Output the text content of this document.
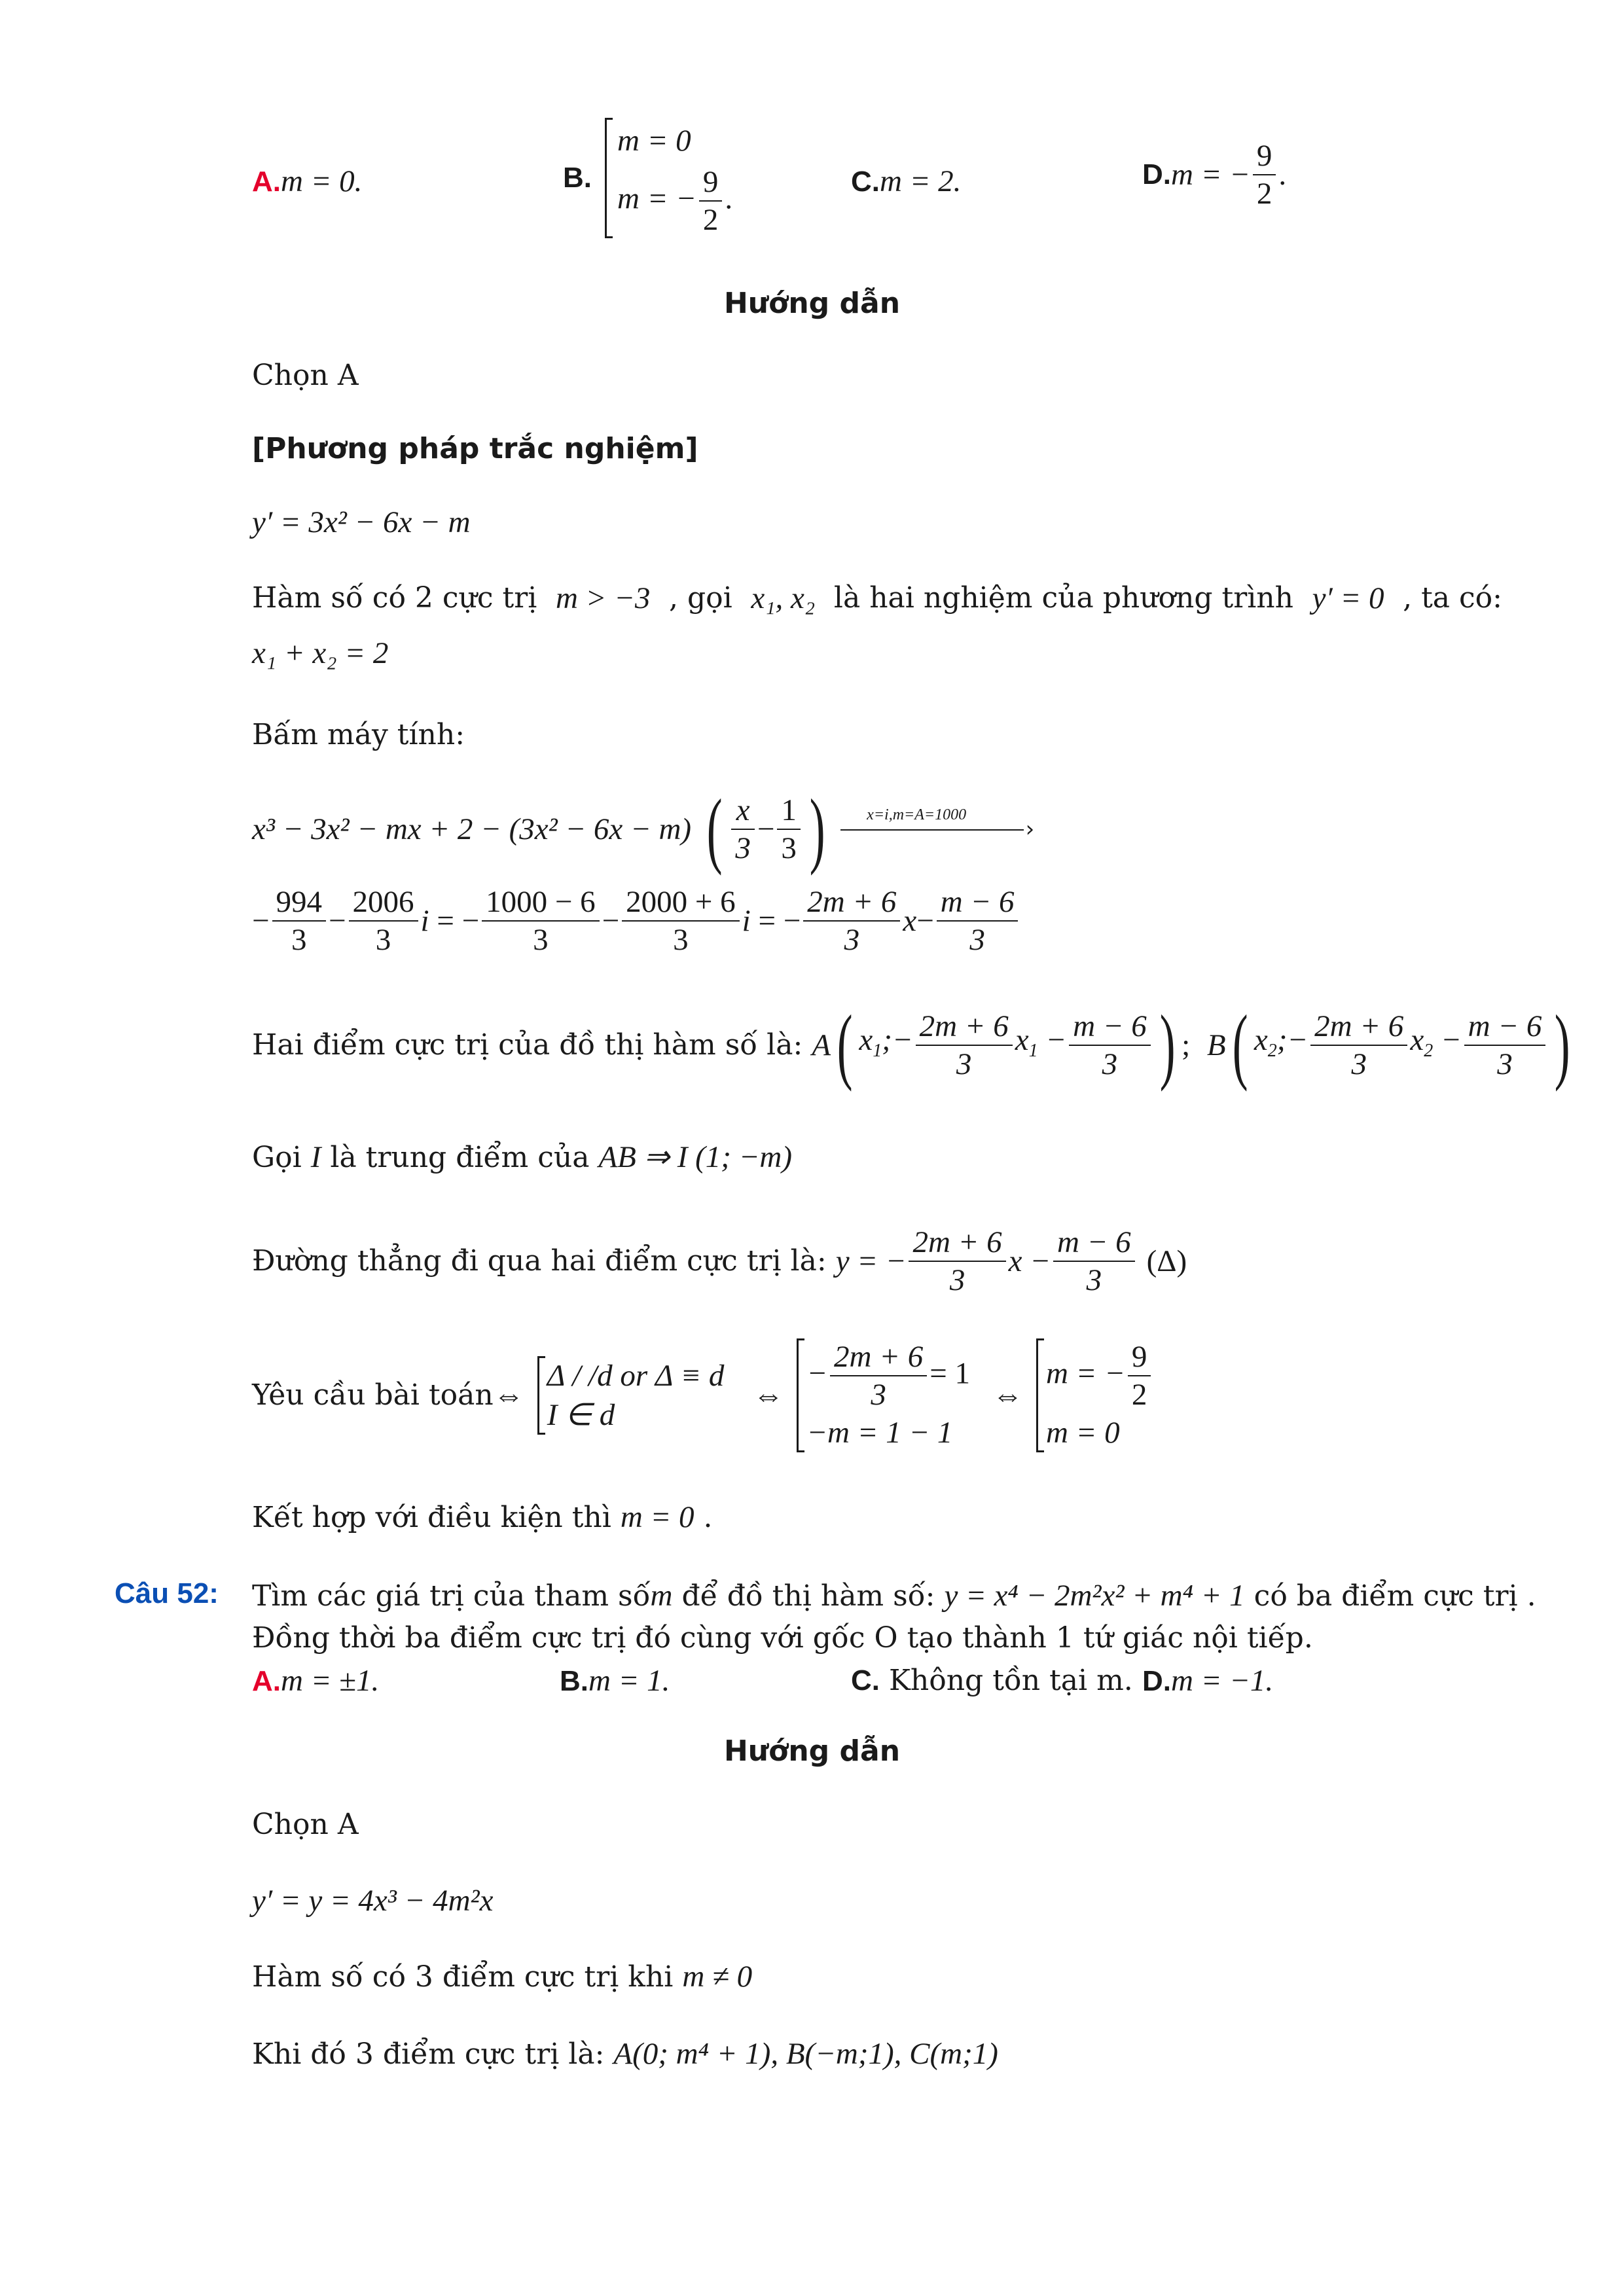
A.m = 0.	B.
m = 0
m = − $\frac{9}{2}$ .	C.m = 2.	D.m = − $\frac{9}{2}$ .
Hướng dẫn
Chọn A
[Phương pháp trắc nghiệm]
y′ = 3x² − 6x − m
Hàm số có 2 cực trị m > −3 , gọi x₁, x₂ là hai nghiệm của phương trình y′ = 0 , ta có:
x₁ + x₂ = 2
Bấm máy tính:
x³ − 3x² − mx + 2 − (3x² − 6x − m) ( $\frac{x}{3} - \frac{1}{3}$ )	x=i,m=A=1000
›
− $\frac{994}{3} - \frac{2006}{3}$ i = − $\frac{1000 - 6}{3} - \frac{2000 + 6}{3}$ i = − $\frac{2m + 6}{3} x- \frac{m - 6}{3}$
Hai điểm cực trị của đồ thị hàm số là: A( $x_1;- \frac{2m + 6}{3} x_1 - \frac{m - 6}{3}$ ) ;  B( $x_2;- \frac{2m + 6}{3} x_2 - \frac{m - 6}{3}$ )
Gọi I là trung điểm của AB ⇒ I (1; −m)
Đường thẳng đi qua hai điểm cực trị là: y = − $\frac{2m + 6}{3}$ $x - \frac{m - 6}{3} (\Delta)$
Yêu cầu bài toán⇔
Δ / /d or Δ ≡ d
I ∈ d
⇔
− $\frac{2m + 6}{3} = 1$
−m = 1 − 1
⇔
m = − $\frac{9}{2}$
m = 0
Kết hợp với điều kiện thì m = 0 .
Câu 52: Tìm các giá trị của tham sốm để đồ thị hàm số: y = x⁴ − 2m²x² + m⁴ + 1 có ba điểm cực trị .
Đồng thời ba điểm cực trị đó cùng với gốc O tạo thành 1 tứ giác nội tiếp.
A.m = ±1.	B.m = 1.	C. Không tồn tại m. D.m = −1.
Hướng dẫn
Chọn A
y′ = y = 4x³ − 4m²x
Hàm số có 3 điểm cực trị khi m ≠ 0
Khi đó 3 điểm cực trị là: A(0; m⁴ + 1), B(−m;1), C(m;1)
